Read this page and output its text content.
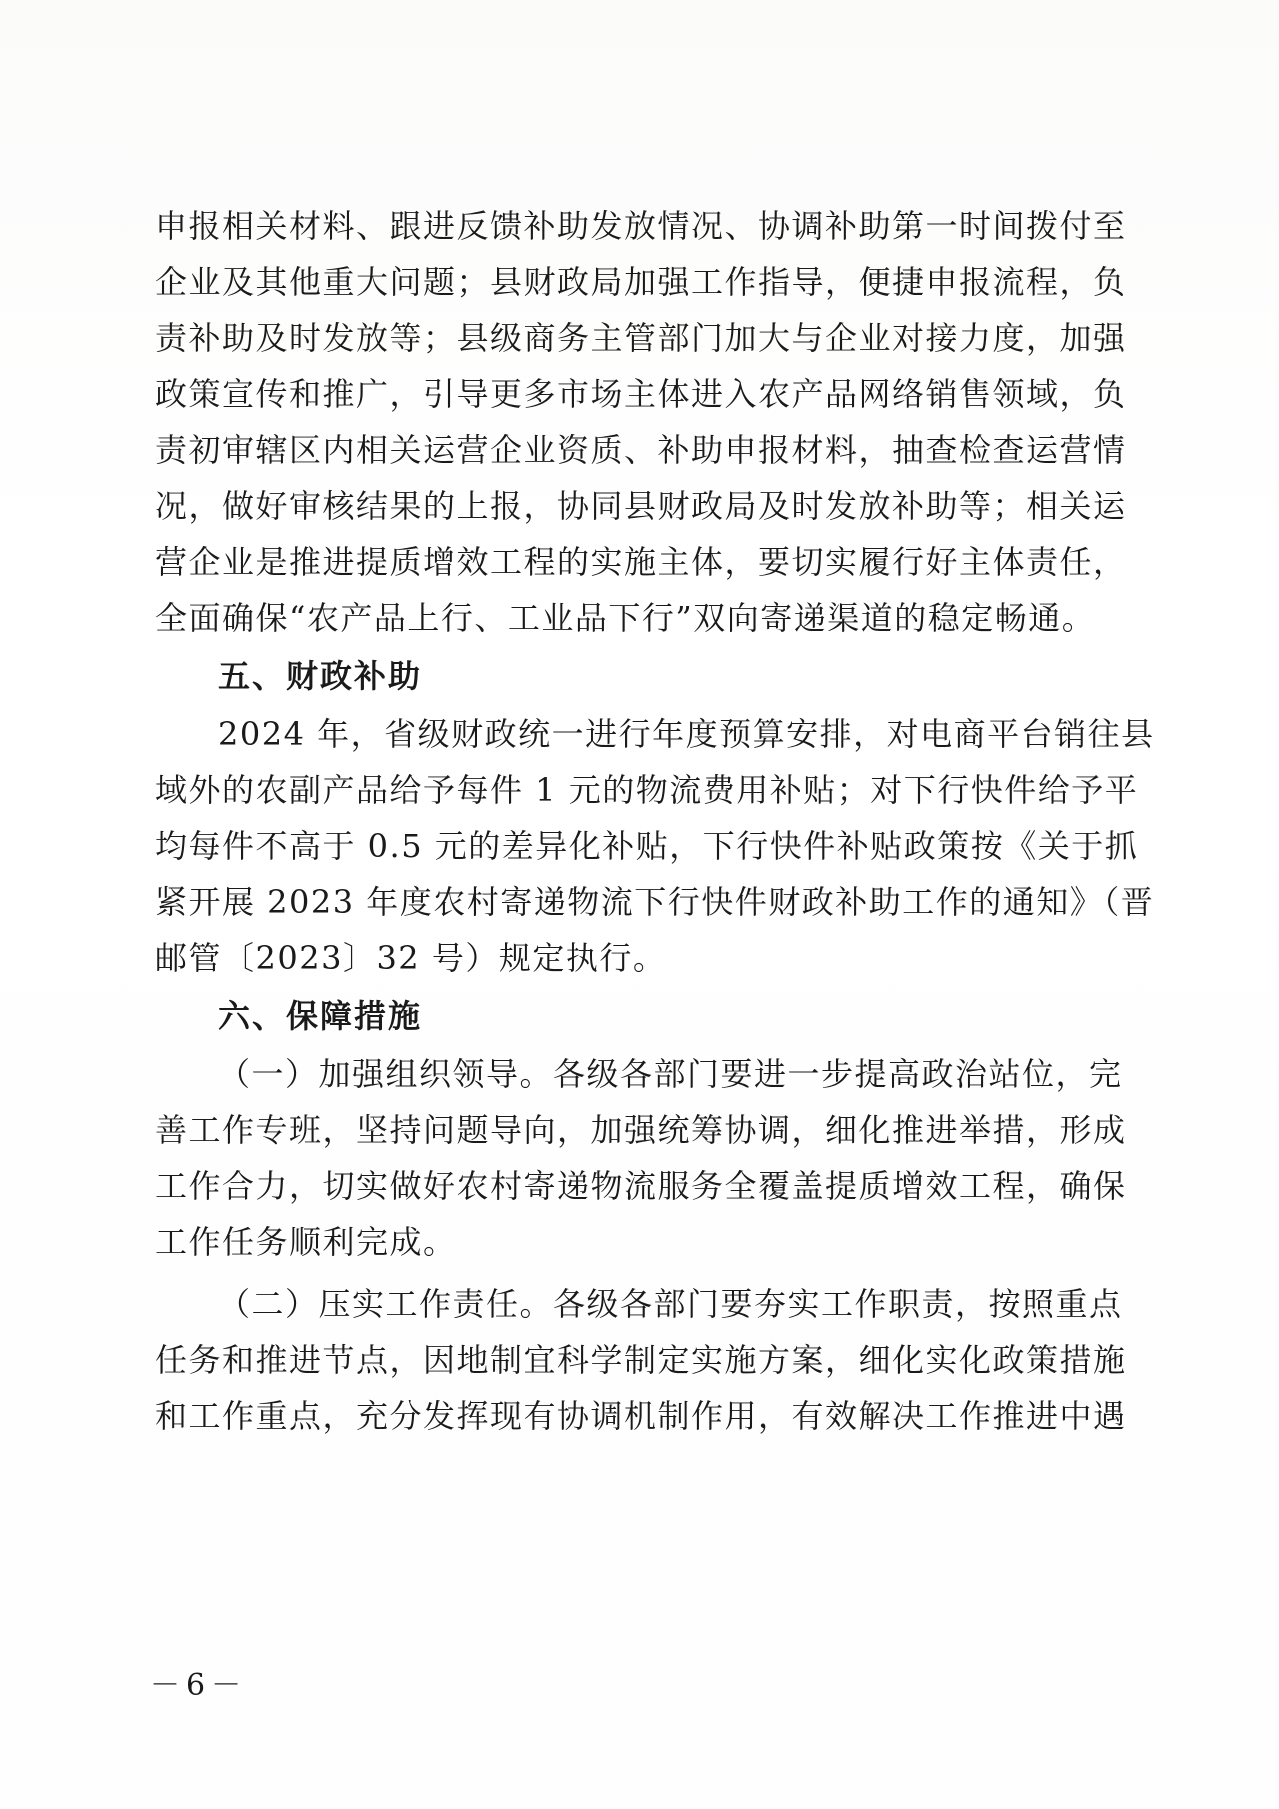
申报相关材料、跟进反馈补助发放情况、协调补助第一时间拨付至
企业及其他重大问题；县财政局加强工作指导，便捷申报流程，负
责补助及时发放等；县级商务主管部门加大与企业对接力度，加强
政策宣传和推广，引导更多市场主体进入农产品网络销售领域，负
责初审辖区内相关运营企业资质、补助申报材料，抽查检查运营情
况，做好审核结果的上报，协同县财政局及时发放补助等；相关运
营企业是推进提质增效工程的实施主体，要切实履行好主体责任，
全面确保“农产品上行、工业品下行”双向寄递渠道的稳定畅通。
五、财政补助
2024 年，省级财政统一进行年度预算安排，对电商平台销往县
域外的农副产品给予每件 1 元的物流费用补贴；对下行快件给予平
均每件不高于 0.5 元的差异化补贴，下行快件补贴政策按《关于抓
紧开展 2023 年度农村寄递物流下行快件财政补助工作的通知》（晋
邮管〔2023〕32 号）规定执行。
六、保障措施
（一）加强组织领导。各级各部门要进一步提高政治站位，完
善工作专班，坚持问题导向，加强统筹协调，细化推进举措，形成
工作合力，切实做好农村寄递物流服务全覆盖提质增效工程，确保
工作任务顺利完成。
（二）压实工作责任。各级各部门要夯实工作职责，按照重点
任务和推进节点，因地制宜科学制定实施方案，细化实化政策措施
和工作重点，充分发挥现有协调机制作用，有效解决工作推进中遇
－6－
